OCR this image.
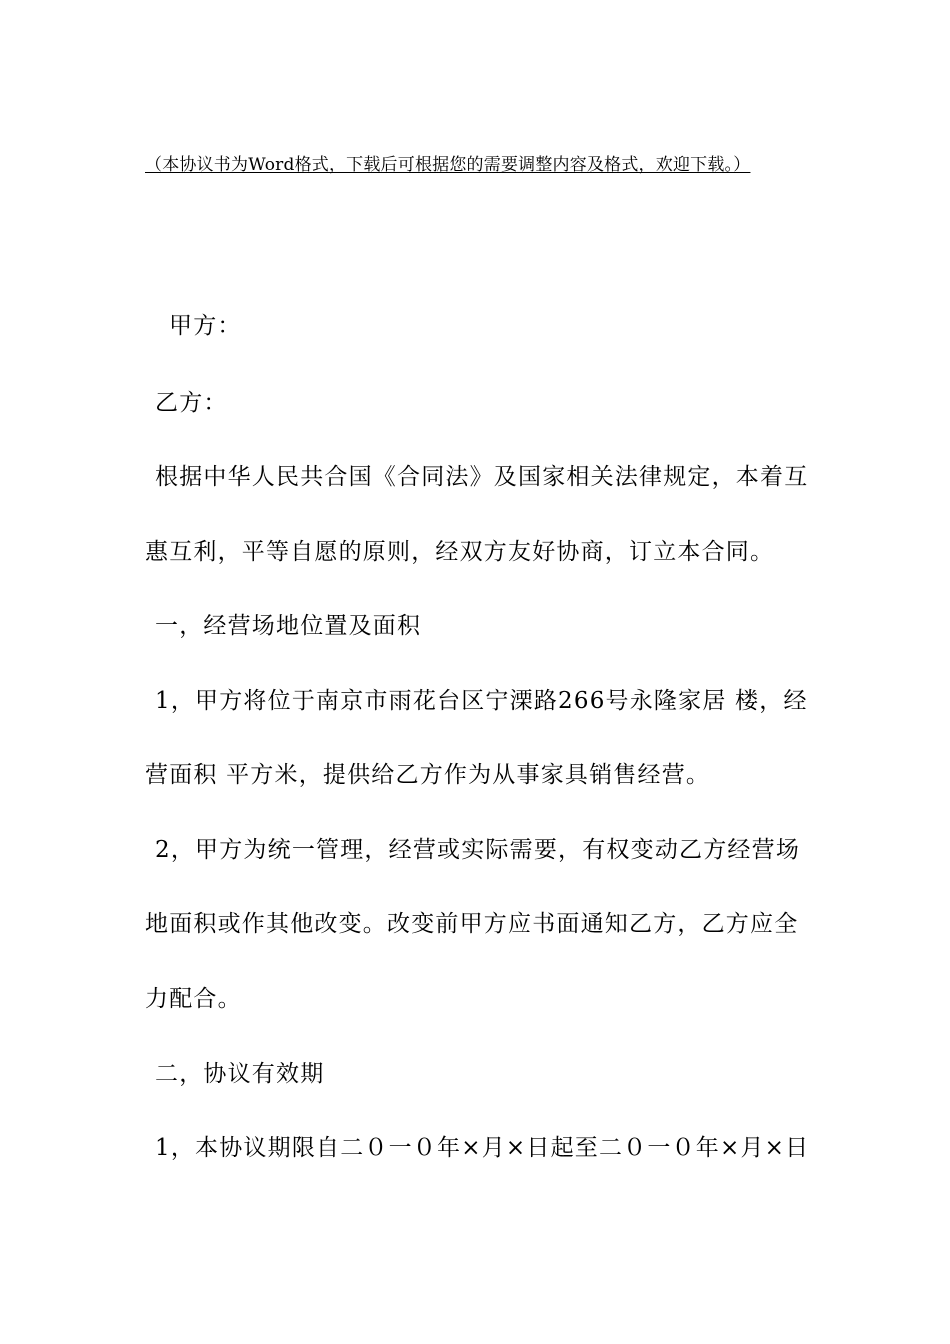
（本协议书为Word格式，下载后可根据您的需要调整内容及格式，欢迎下载。）
甲方：
乙方：
根据中华人民共合国《合同法》及国家相关法律规定，本着互
惠互利，平等自愿的原则，经双方友好协商，订立本合同。
一，经营场地位置及面积
1，甲方将位于南京市雨花台区宁溧路266号永隆家居 楼，经
营面积 平方米，提供给乙方作为从事家具销售经营。
2，甲方为统一管理，经营或实际需要，有权变动乙方经营场
地面积或作其他改变。改变前甲方应书面通知乙方，乙方应全
力配合。
二，协议有效期
1，本协议期限自二０一０年×月×日起至二０一０年×月×日
